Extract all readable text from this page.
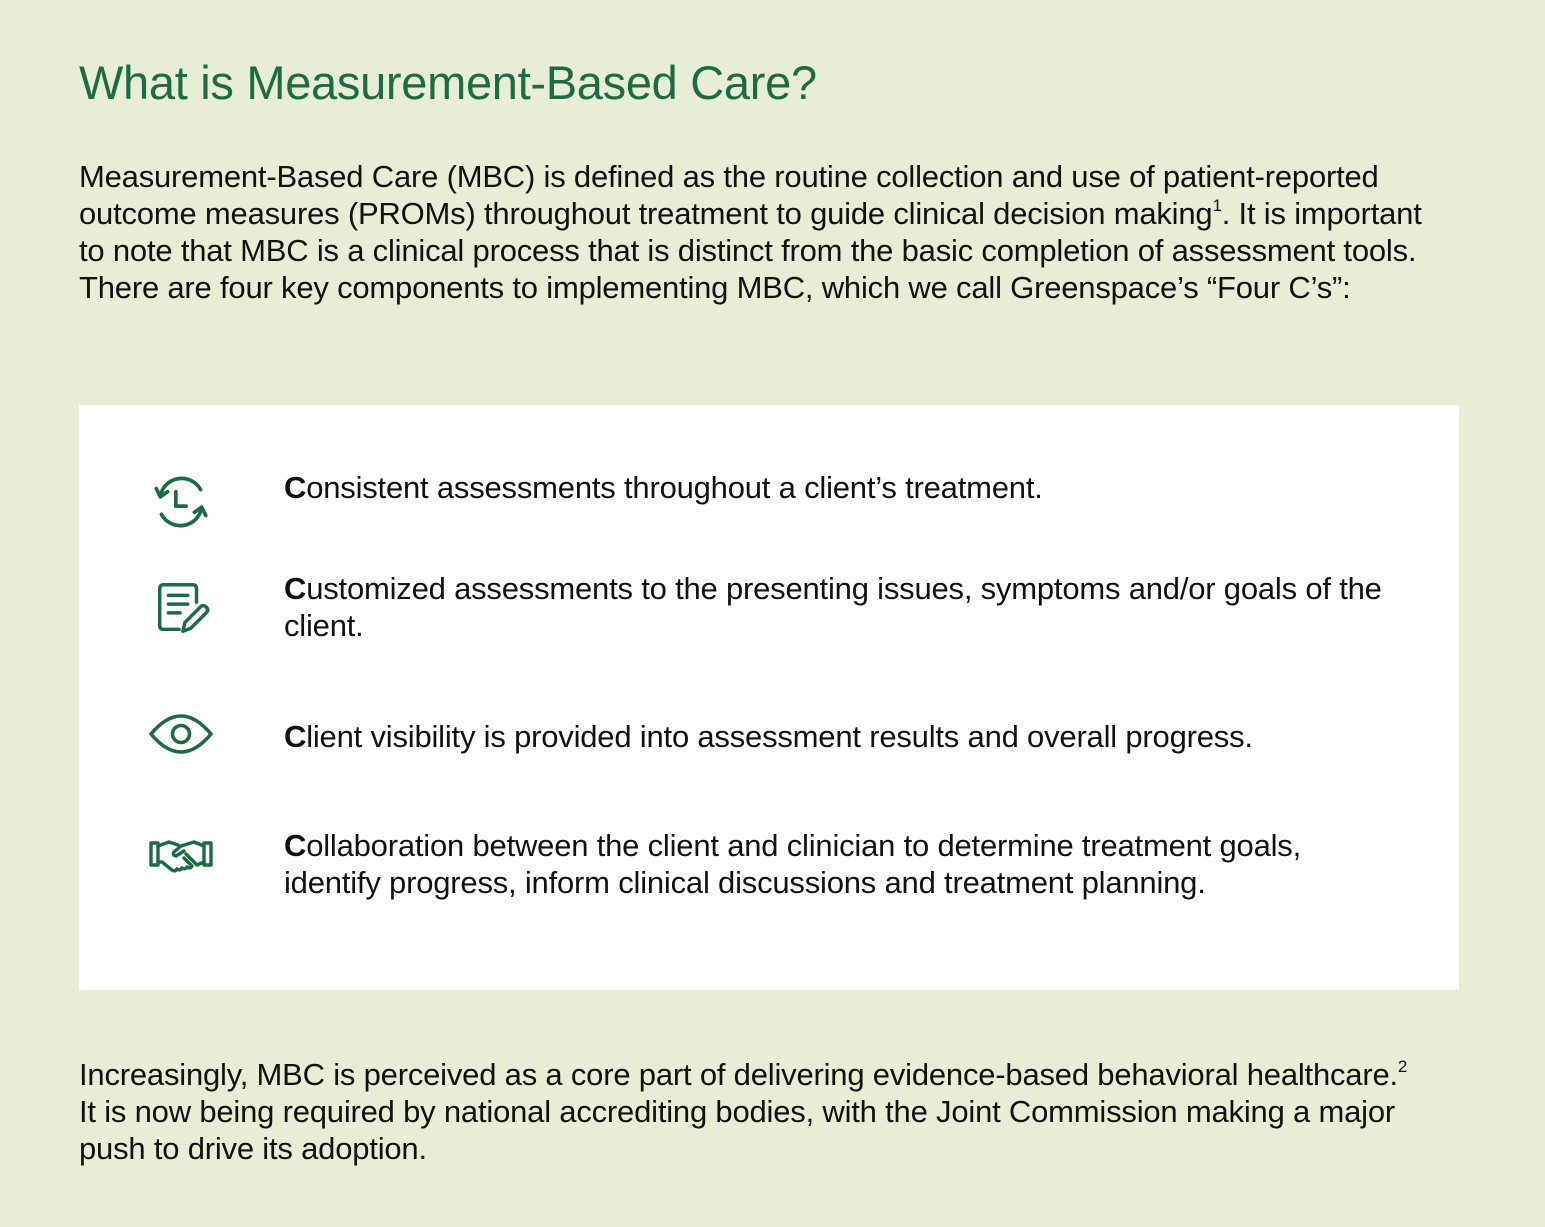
What is Measurement-Based Care?

Measurement-Based Care (MBC) is defined as the routine collection and use of patient-reported outcome measures (PROMs) throughout treatment to guide clinical decision making$^1$. It is important to note that MBC is a clinical process that is distinct from the basic completion of assessment tools. There are four key components to implementing MBC, which we call Greenspace’s “Four C’s”:

Consistent assessments throughout a client’s treatment.

Customized assessments to the presenting issues, symptoms and/or goals of the client.

Client visibility is provided into assessment results and overall progress.

Collaboration between the client and clinician to determine treatment goals, identify progress, inform clinical discussions and treatment planning.

Increasingly, MBC is perceived as a core part of delivering evidence-based behavioral healthcare.$^2$ It is now being required by national accrediting bodies, with the Joint Commission making a major push to drive its adoption.
